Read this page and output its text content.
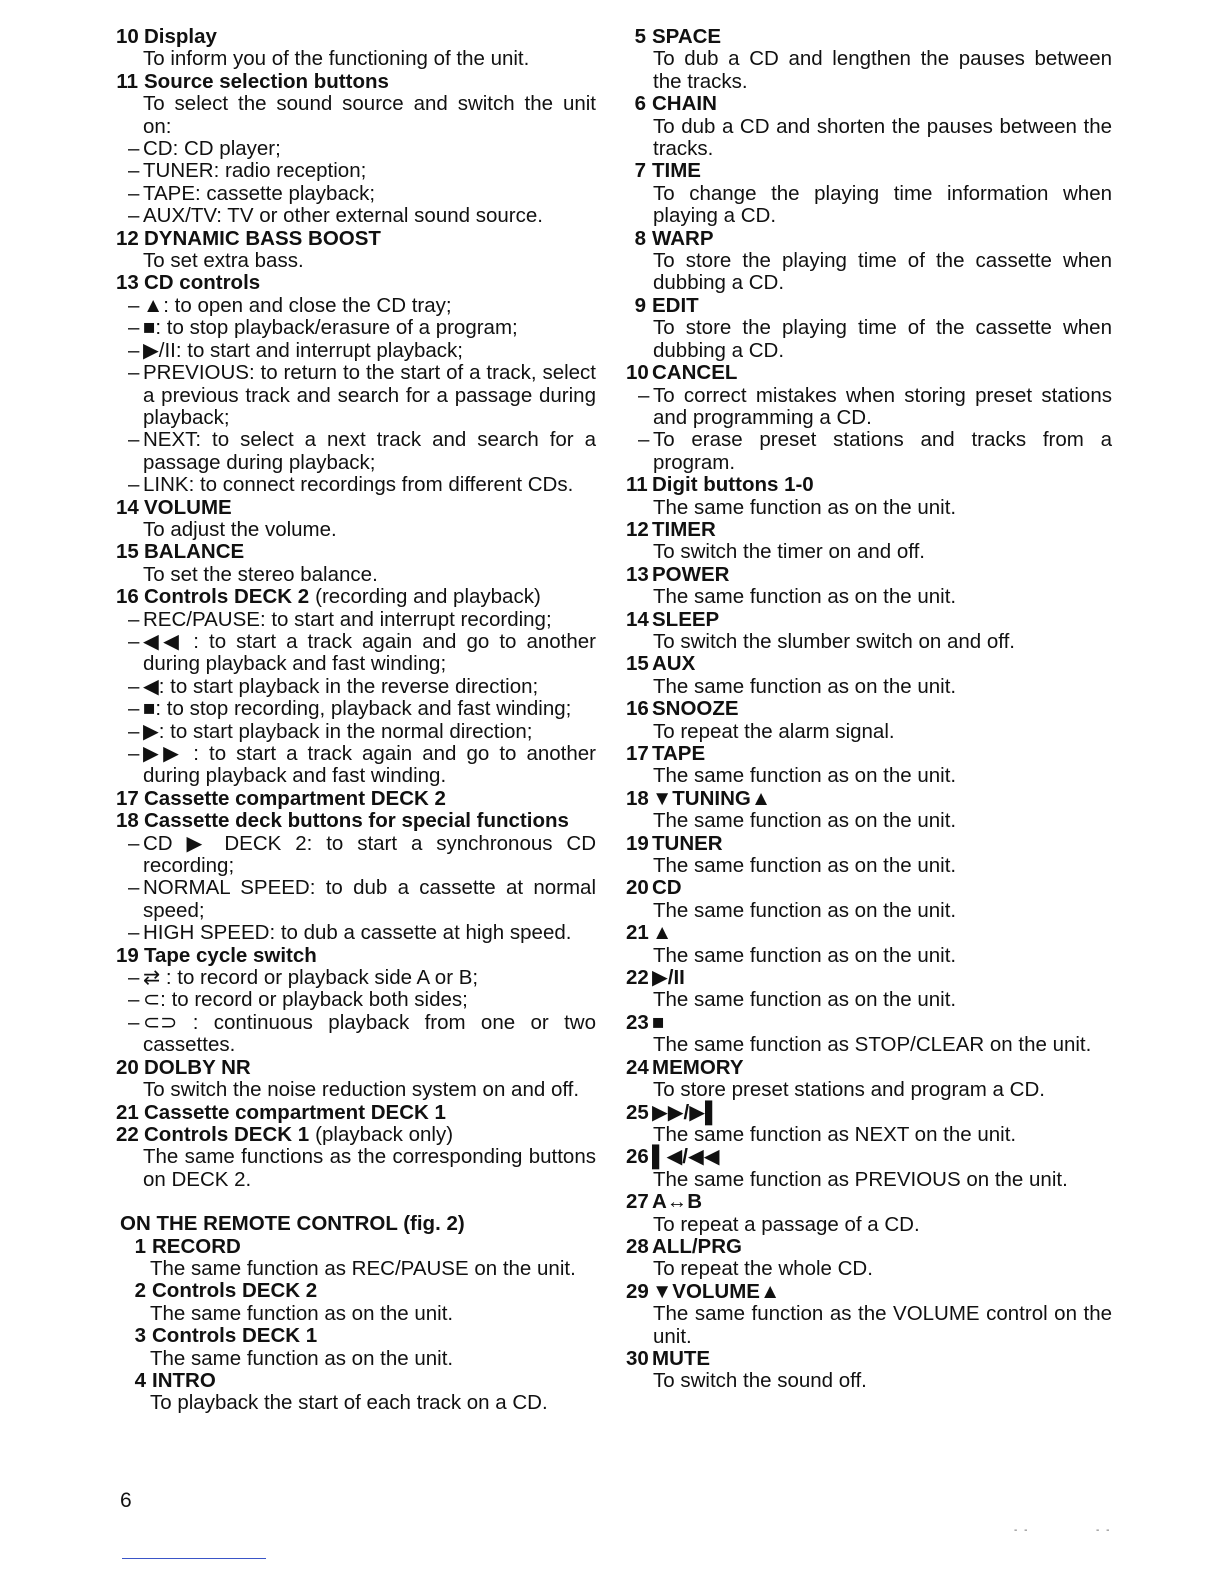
10 Display
To inform you of the functioning of the unit.
11 Source selection buttons
To select the sound source and switch the unit on:
– CD: CD player;
– TUNER: radio reception;
– TAPE: cassette playback;
– AUX/TV: TV or other external sound source.
12 DYNAMIC BASS BOOST
To set extra bass.
13 CD controls
– ▲: to open and close the CD tray;
– ■: to stop playback/erasure of a program;
– ▶/II: to start and interrupt playback;
– PREVIOUS: to return to the start of a track, select a previous track and search for a passage during playback;
– NEXT: to select a next track and search for a passage during playback;
– LINK: to connect recordings from different CDs.
14 VOLUME
To adjust the volume.
15 BALANCE
To set the stereo balance.
16 Controls DECK 2 (recording and playback)
– REC/PAUSE: to start and interrupt recording;
– ◀◀ : to start a track again and go to another during playback and fast winding;
– ◀: to start playback in the reverse direction;
– ■: to stop recording, playback and fast winding;
– ▶: to start playback in the normal direction;
– ▶▶ : to start a track again and go to another during playback and fast winding.
17 Cassette compartment DECK 2
18 Cassette deck buttons for special functions
– CD ▶ DECK 2: to start a synchronous CD recording;
– NORMAL SPEED: to dub a cassette at normal speed;
– HIGH SPEED: to dub a cassette at high speed.
19 Tape cycle switch
– ⇄ : to record or playback side A or B;
– ⊂: to record or playback both sides;
– ⊂⊃ : continuous playback from one or two cassettes.
20 DOLBY NR
To switch the noise reduction system on and off.
21 Cassette compartment DECK 1
22 Controls DECK 1 (playback only)
The same functions as the corresponding buttons on DECK 2.
ON THE REMOTE CONTROL (fig. 2)
1 RECORD
The same function as REC/PAUSE on the unit.
2 Controls DECK 2
The same function as on the unit.
3 Controls DECK 1
The same function as on the unit.
4 INTRO
To playback the start of each track on a CD.
5 SPACE
To dub a CD and lengthen the pauses between the tracks.
6 CHAIN
To dub a CD and shorten the pauses between the tracks.
7 TIME
To change the playing time information when playing a CD.
8 WARP
To store the playing time of the cassette when dubbing a CD.
9 EDIT
To store the playing time of the cassette when dubbing a CD.
10 CANCEL
– To correct mistakes when storing preset stations and programming a CD.
– To erase preset stations and tracks from a program.
11 Digit buttons 1-0
The same function as on the unit.
12 TIMER
To switch the timer on and off.
13 POWER
The same function as on the unit.
14 SLEEP
To switch the slumber switch on and off.
15 AUX
The same function as on the unit.
16 SNOOZE
To repeat the alarm signal.
17 TAPE
The same function as on the unit.
18 ▼TUNING▲
The same function as on the unit.
19 TUNER
The same function as on the unit.
20 CD
The same function as on the unit.
21 ▲
The same function as on the unit.
22 ▶/II
The same function as on the unit.
23 ■
The same function as STOP/CLEAR on the unit.
24 MEMORY
To store preset stations and program a CD.
25 ▶▶/▶▌
The same function as NEXT on the unit.
26 ▌◀/◀◀
The same function as PREVIOUS on the unit.
27 A↔B
To repeat a passage of a CD.
28 ALL/PRG
To repeat the whole CD.
29 ▼VOLUME▲
The same function as the VOLUME control on the unit.
30 MUTE
To switch the sound off.
6
- -	- -
